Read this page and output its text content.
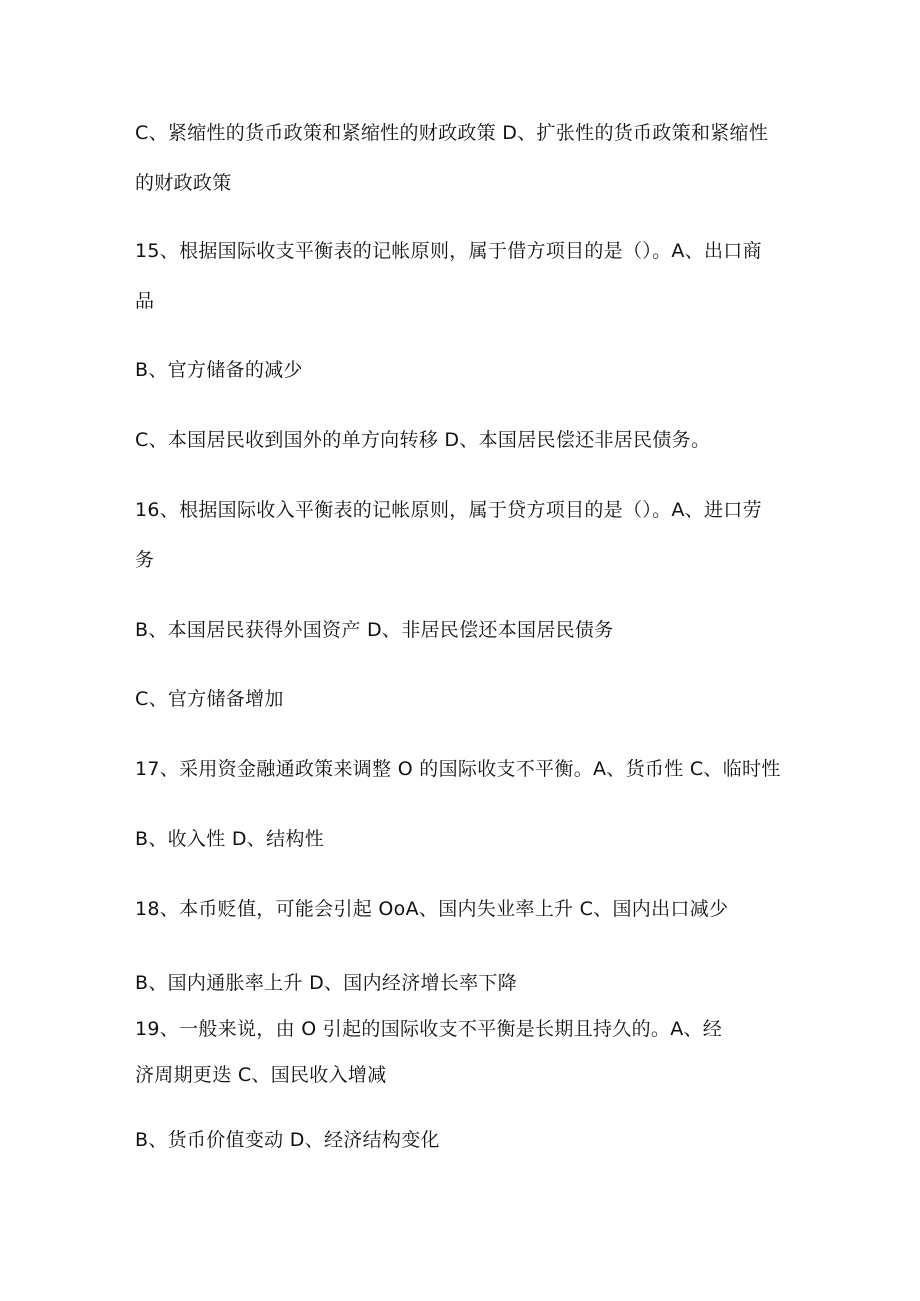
C、紧缩性的货币政策和紧缩性的财政政策 D、扩张性的货币政策和紧缩性
的财政政策
15、根据国际收支平衡表的记帐原则，属于借方项目的是（）。A、出口商
品
B、官方储备的减少
C、本国居民收到国外的单方向转移 D、本国居民偿还非居民债务。
16、根据国际收入平衡表的记帐原则，属于贷方项目的是（）。A、进口劳
务
B、本国居民获得外国资产 D、非居民偿还本国居民债务
C、官方储备增加
17、采用资金融通政策来调整 O 的国际收支不平衡。A、货币性 C、临时性
B、收入性 D、结构性
18、本币贬值，可能会引起 OoA、国内失业率上升 C、国内出口减少
B、国内通胀率上升 D、国内经济增长率下降
19、一般来说，由 O 引起的国际收支不平衡是长期且持久的。A、经
济周期更迭 C、国民收入增减
B、货币价值变动 D、经济结构变化
